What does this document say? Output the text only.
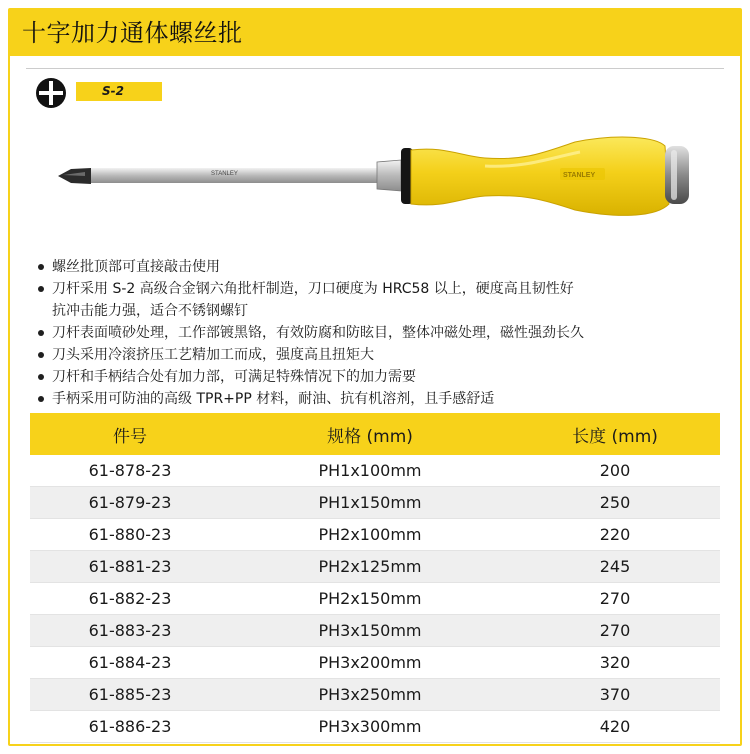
十字加力通体螺丝批
S-2
STANLEY	STANLEY
螺丝批顶部可直接敲击使用
刀杆采用 S-2 高级合金钢六角批杆制造，刀口硬度为 HRC58 以上，硬度高且韧性好
抗冲击能力强，适合不锈钢螺钉
刀杆表面喷砂处理，工作部镀黑铬，有效防腐和防眩目，整体冲磁处理，磁性强劲长久
刀头采用冷滚挤压工艺精加工而成，强度高且扭矩大
刀杆和手柄结合处有加力部，可满足特殊情况下的加力需要
手柄采用可防油的高级 TPR+PP 材料，耐油、抗有机溶剂，且手感舒适
件号	规格 (mm)	长度 (mm)
61-878-23	PH1x100mm	200
61-879-23	PH1x150mm	250
61-880-23	PH2x100mm	220
61-881-23	PH2x125mm	245
61-882-23	PH2x150mm	270
61-883-23	PH3x150mm	270
61-884-23	PH3x200mm	320
61-885-23	PH3x250mm	370
61-886-23	PH3x300mm	420
